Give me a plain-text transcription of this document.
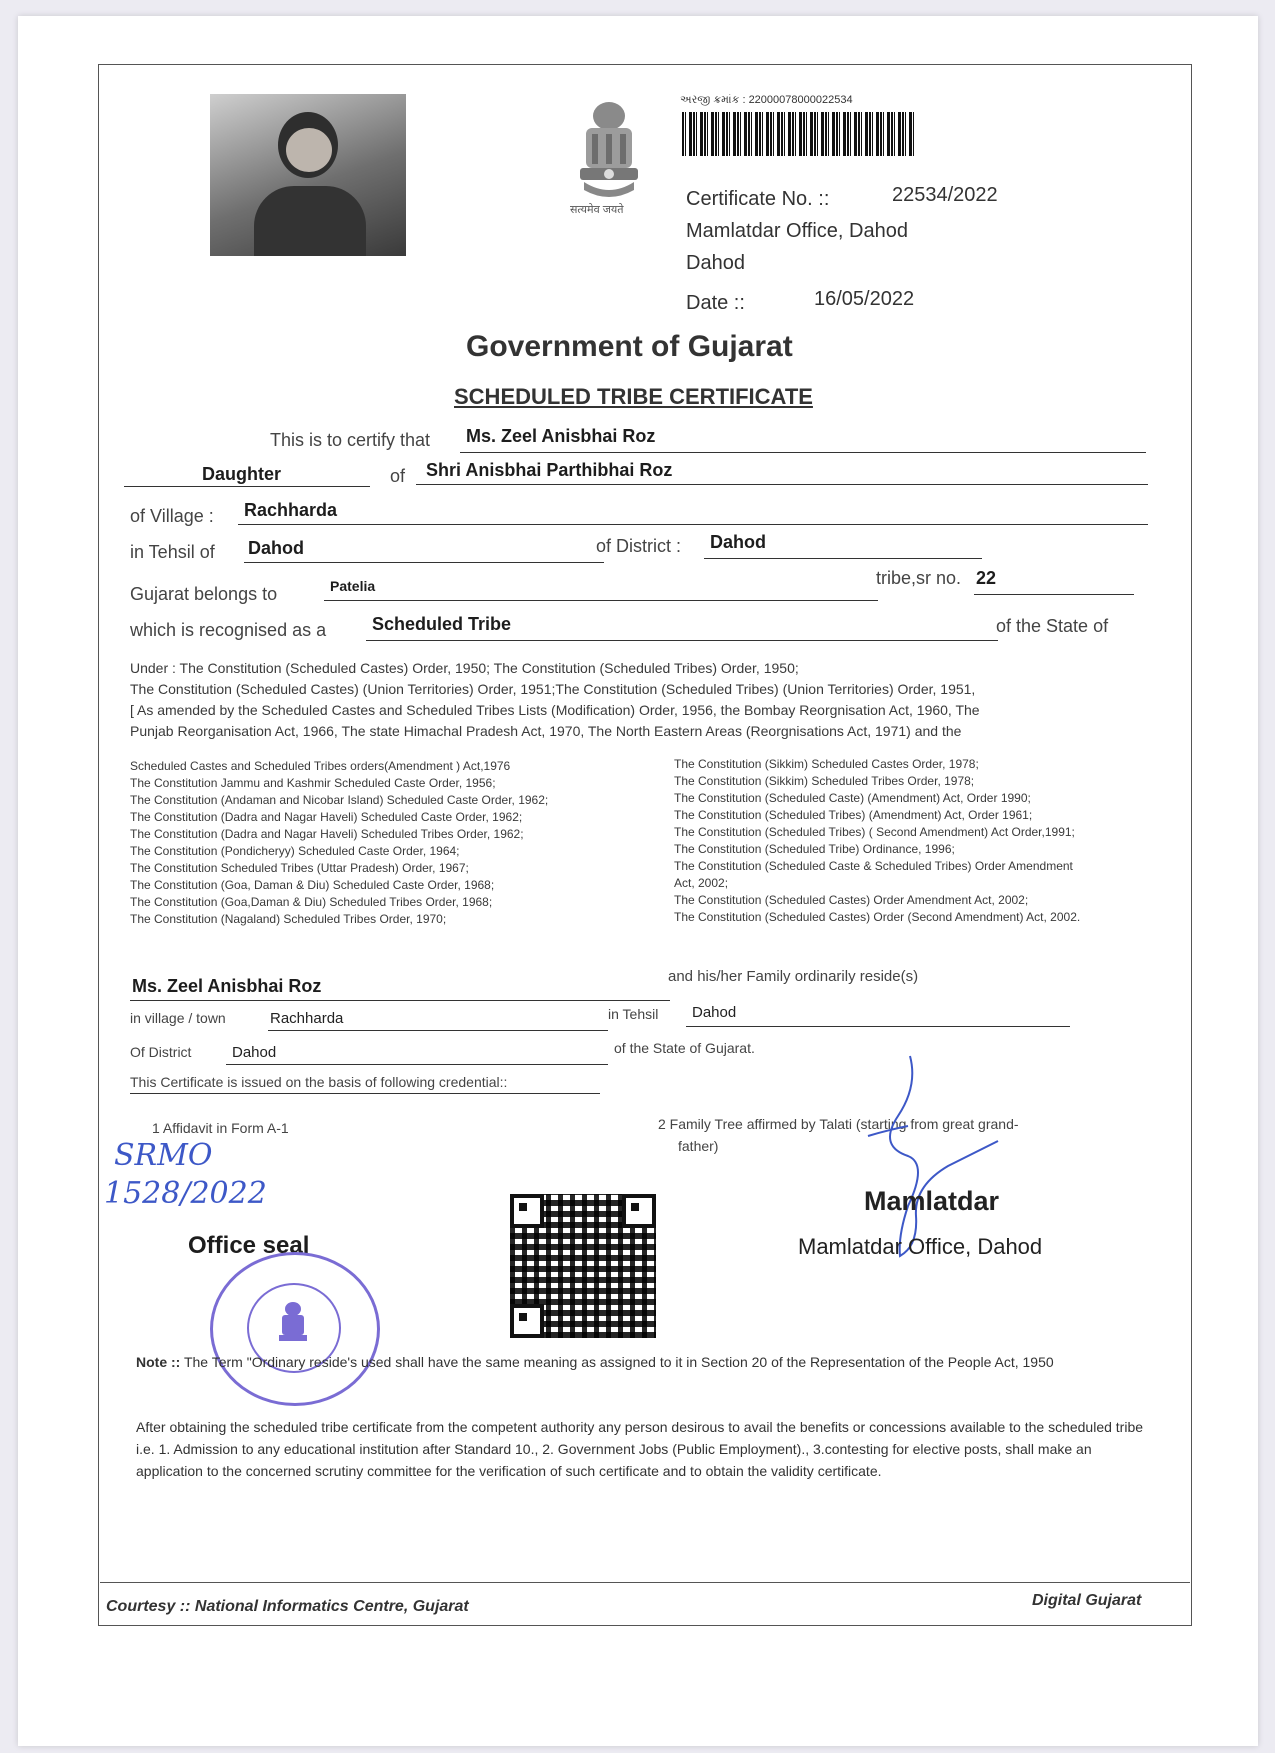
सत्यमेव जयते
અરજી ક્રમાંક : 22000078000022534
Certificate No. ::	22534/2022
Mamlatdar Office, Dahod
Dahod
Date ::	16/05/2022
Government of Gujarat
SCHEDULED TRIBE CERTIFICATE
This is to certify that Ms. Zeel Anisbhai Roz
Daughter	of Shri Anisbhai Parthibhai Roz
of Village : Rachharda
in Tehsil of Dahod	of District : Dahod
Gujarat belongs to	Patelia	tribe,sr no. 22
which is recognised as a	Scheduled Tribe	of the State of
Under : The Constitution (Scheduled Castes) Order, 1950; The Constitution (Scheduled Tribes) Order, 1950;
The Constitution (Scheduled Castes) (Union Territories) Order, 1951;The Constitution (Scheduled Tribes) (Union Territories) Order, 1951,
[ As amended by the Scheduled Castes and Scheduled Tribes Lists (Modification) Order, 1956, the Bombay Reorgnisation Act, 1960, The
Punjab Reorganisation Act, 1966, The state Himachal Pradesh Act, 1970, The North Eastern Areas (Reorgnisations Act, 1971) and the
Scheduled Castes and Scheduled Tribes orders(Amendment ) Act,1976
The Constitution Jammu and Kashmir Scheduled Caste Order, 1956;
The Constitution (Andaman and Nicobar Island) Scheduled Caste Order, 1962;
The Constitution (Dadra and Nagar Haveli) Scheduled Caste Order, 1962;
The Constitution (Dadra and Nagar Haveli) Scheduled Tribes Order, 1962;
The Constitution (Pondicheryy) Scheduled Caste Order, 1964;
The Constitution Scheduled Tribes (Uttar Pradesh) Order, 1967;
The Constitution (Goa, Daman & Diu) Scheduled Caste Order, 1968;
The Constitution (Goa,Daman & Diu) Scheduled Tribes Order, 1968;
The Constitution (Nagaland) Scheduled Tribes Order, 1970;
The Constitution (Sikkim) Scheduled Castes Order, 1978;
The Constitution (Sikkim) Scheduled Tribes Order, 1978;
The Constitution (Scheduled Caste) (Amendment) Act, Order 1990;
The Constitution (Scheduled Tribes) (Amendment) Act, Order 1961;
The Constitution (Scheduled Tribes) ( Second Amendment) Act Order,1991;
The Constitution (Scheduled Tribe) Ordinance, 1996;
The Constitution (Scheduled Caste & Scheduled Tribes) Order Amendment
Act, 2002;
The Constitution (Scheduled Castes) Order Amendment Act, 2002;
The Constitution (Scheduled Castes) Order (Second Amendment) Act, 2002.
Ms. Zeel Anisbhai Roz	and his/her Family ordinarily reside(s)
in village / town	Rachharda	in Tehsil Dahod
Of District	Dahod	of the State of Gujarat.
This Certificate is issued on the basis of following credential::
1 Affidavit in Form A-1	2 Family Tree affirmed by Talati (starting from great grand-
father)
SRMO
1528/2022
Office seal
Mamlatdar
Mamlatdar Office, Dahod
Note :: The Term "Ordinary reside's used shall have the same meaning as assigned to it in Section 20 of the Representation of the People Act, 1950
After obtaining the scheduled tribe certificate from the competent authority any person desirous to avail the benefits or concessions available to the scheduled tribe i.e. 1. Admission to any educational institution after Standard 10., 2. Government Jobs (Public Employment)., 3.contesting for elective posts, shall make an application to the concerned scrutiny committee for the verification of such certificate and to obtain the validity certificate.
Courtesy :: National Informatics Centre, Gujarat	Digital Gujarat
